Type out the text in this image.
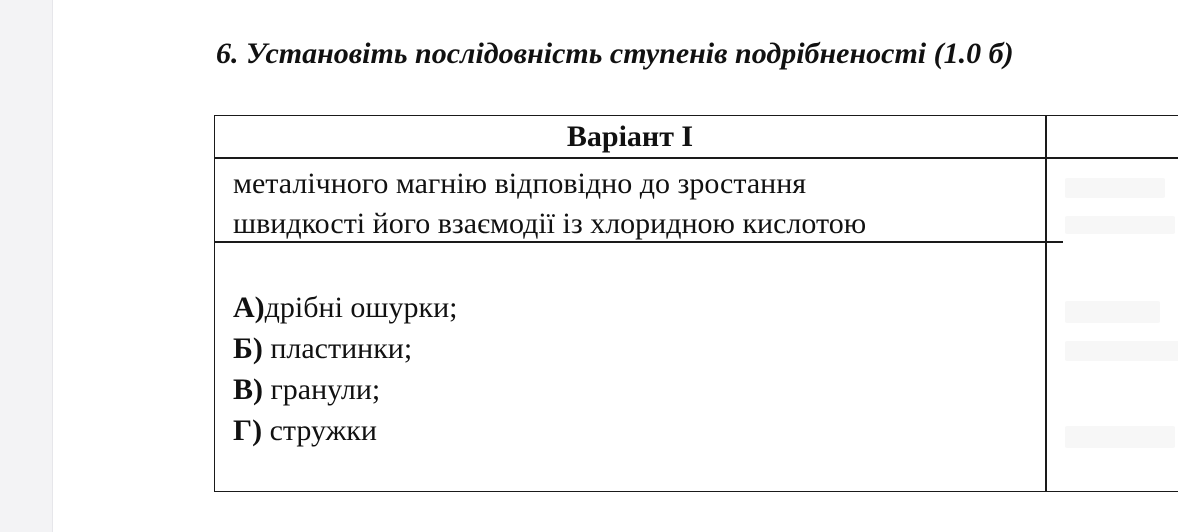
6. Установіть послідовність ступенів подрібненості (1.0 б)
Варіант І
металічного магнію відповідно до зростання
швидкості його взаємодії із хлоридною кислотою
А)дрібні ошурки;
Б) пластинки;
В) гранули;
Г) стружки
